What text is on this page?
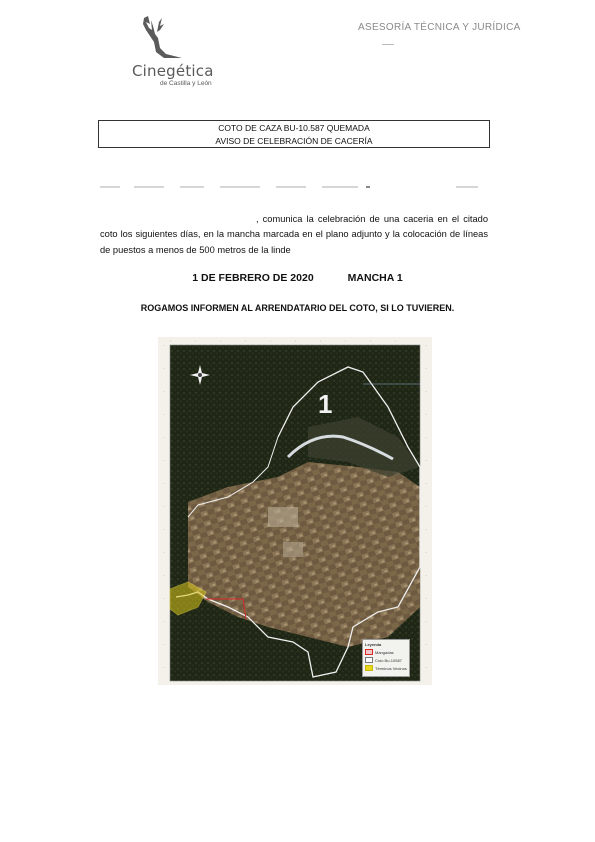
Cinegética
de Castilla y León
ASESORÍA TÉCNICA Y JURÍDICA
COTO DE CAZA BU-10.587 QUEMADA
AVISO DE CELEBRACIÓN DE CACERÍA
, comunica la celebración de una caceria en el citado coto los siguientes días, en la mancha marcada en el plano adjunto y la colocación de líneas de puestos a menos de 500 metros de la linde
1 DE FEBRERO DE 2020	MANCHA 1
ROGAMOS INFORMEN AL ARRENDATARIO DEL COTO, SI LO TUVIEREN.
1
Leyenda
Mangadas
Coto Bu-10587
Términos Vecinos
